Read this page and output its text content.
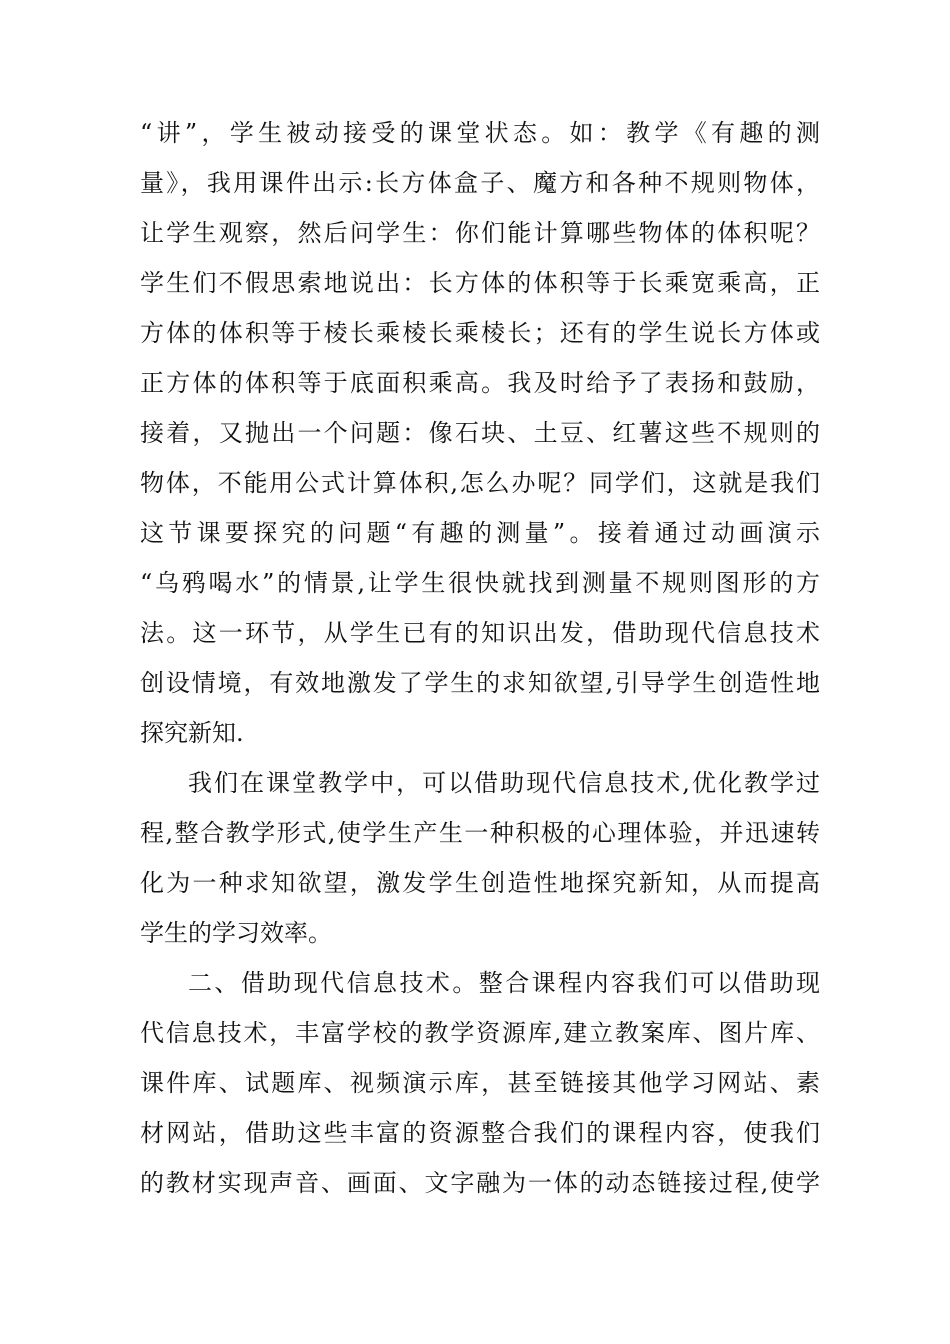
“讲”，学生被动接受的课堂状态。如：教学《有趣的测
量》，我用课件出示:长方体盒子、魔方和各种不规则物体，
让学生观察，然后问学生：你们能计算哪些物体的体积呢？
学生们不假思索地说出：长方体的体积等于长乘宽乘高，正
方体的体积等于棱长乘棱长乘棱长；还有的学生说长方体或
正方体的体积等于底面积乘高。我及时给予了表扬和鼓励，
接着，又抛出一个问题：像石块、土豆、红薯这些不规则的
物体，不能用公式计算体积,怎么办呢？同学们，这就是我们
这节课要探究的问题“有趣的测量”。接着通过动画演示
“乌鸦喝水”的情景,让学生很快就找到测量不规则图形的方
法。这一环节，从学生已有的知识出发，借助现代信息技术
创设情境，有效地激发了学生的求知欲望,引导学生创造性地
探究新知.
我们在课堂教学中，可以借助现代信息技术,优化教学过
程,整合教学形式,使学生产生一种积极的心理体验，并迅速转
化为一种求知欲望，激发学生创造性地探究新知，从而提高
学生的学习效率。
二、借助现代信息技术。整合课程内容我们可以借助现
代信息技术，丰富学校的教学资源库,建立教案库、图片库、
课件库、试题库、视频演示库，甚至链接其他学习网站、素
材网站，借助这些丰富的资源整合我们的课程内容，使我们
的教材实现声音、画面、文字融为一体的动态链接过程,使学
